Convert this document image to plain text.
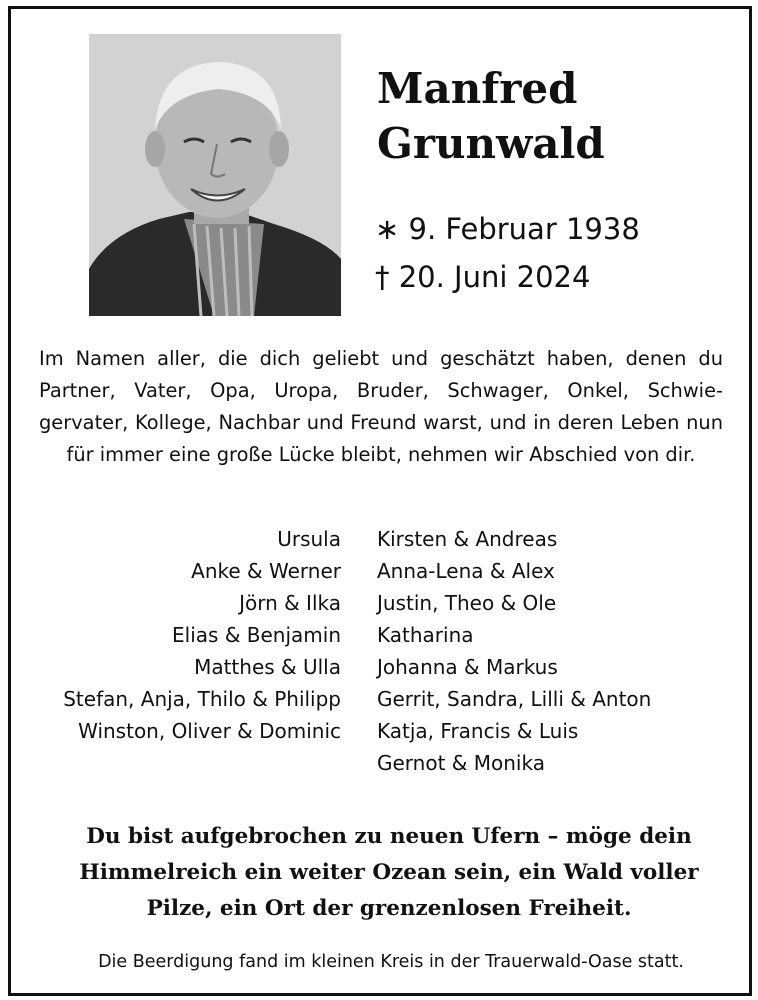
Manfred
Grunwald
∗ 9. Februar 1938
† 20. Juni 2024
Im Namen aller, die dich geliebt und geschätzt haben, denen du Partner, Vater, Opa, Uropa, Bruder, Schwager, Onkel, Schwie-gervater, Kollege, Nachbar und Freund warst, und in deren Leben nun für immer eine große Lücke bleibt, nehmen wir Abschied von dir.
Ursula
Anke & Werner
Jörn & Ilka
Elias & Benjamin
Matthes & Ulla
Stefan, Anja, Thilo & Philipp
Winston, Oliver & Dominic
Kirsten & Andreas
Anna-Lena & Alex
Justin, Theo & Ole
Katharina
Johanna & Markus
Gerrit, Sandra, Lilli & Anton
Katja, Francis & Luis
Gernot & Monika
Du bist aufgebrochen zu neuen Ufern – möge dein
Himmelreich ein weiter Ozean sein, ein Wald voller
Pilze, ein Ort der grenzenlosen Freiheit.
Die Beerdigung fand im kleinen Kreis in der Trauerwald-Oase statt.
